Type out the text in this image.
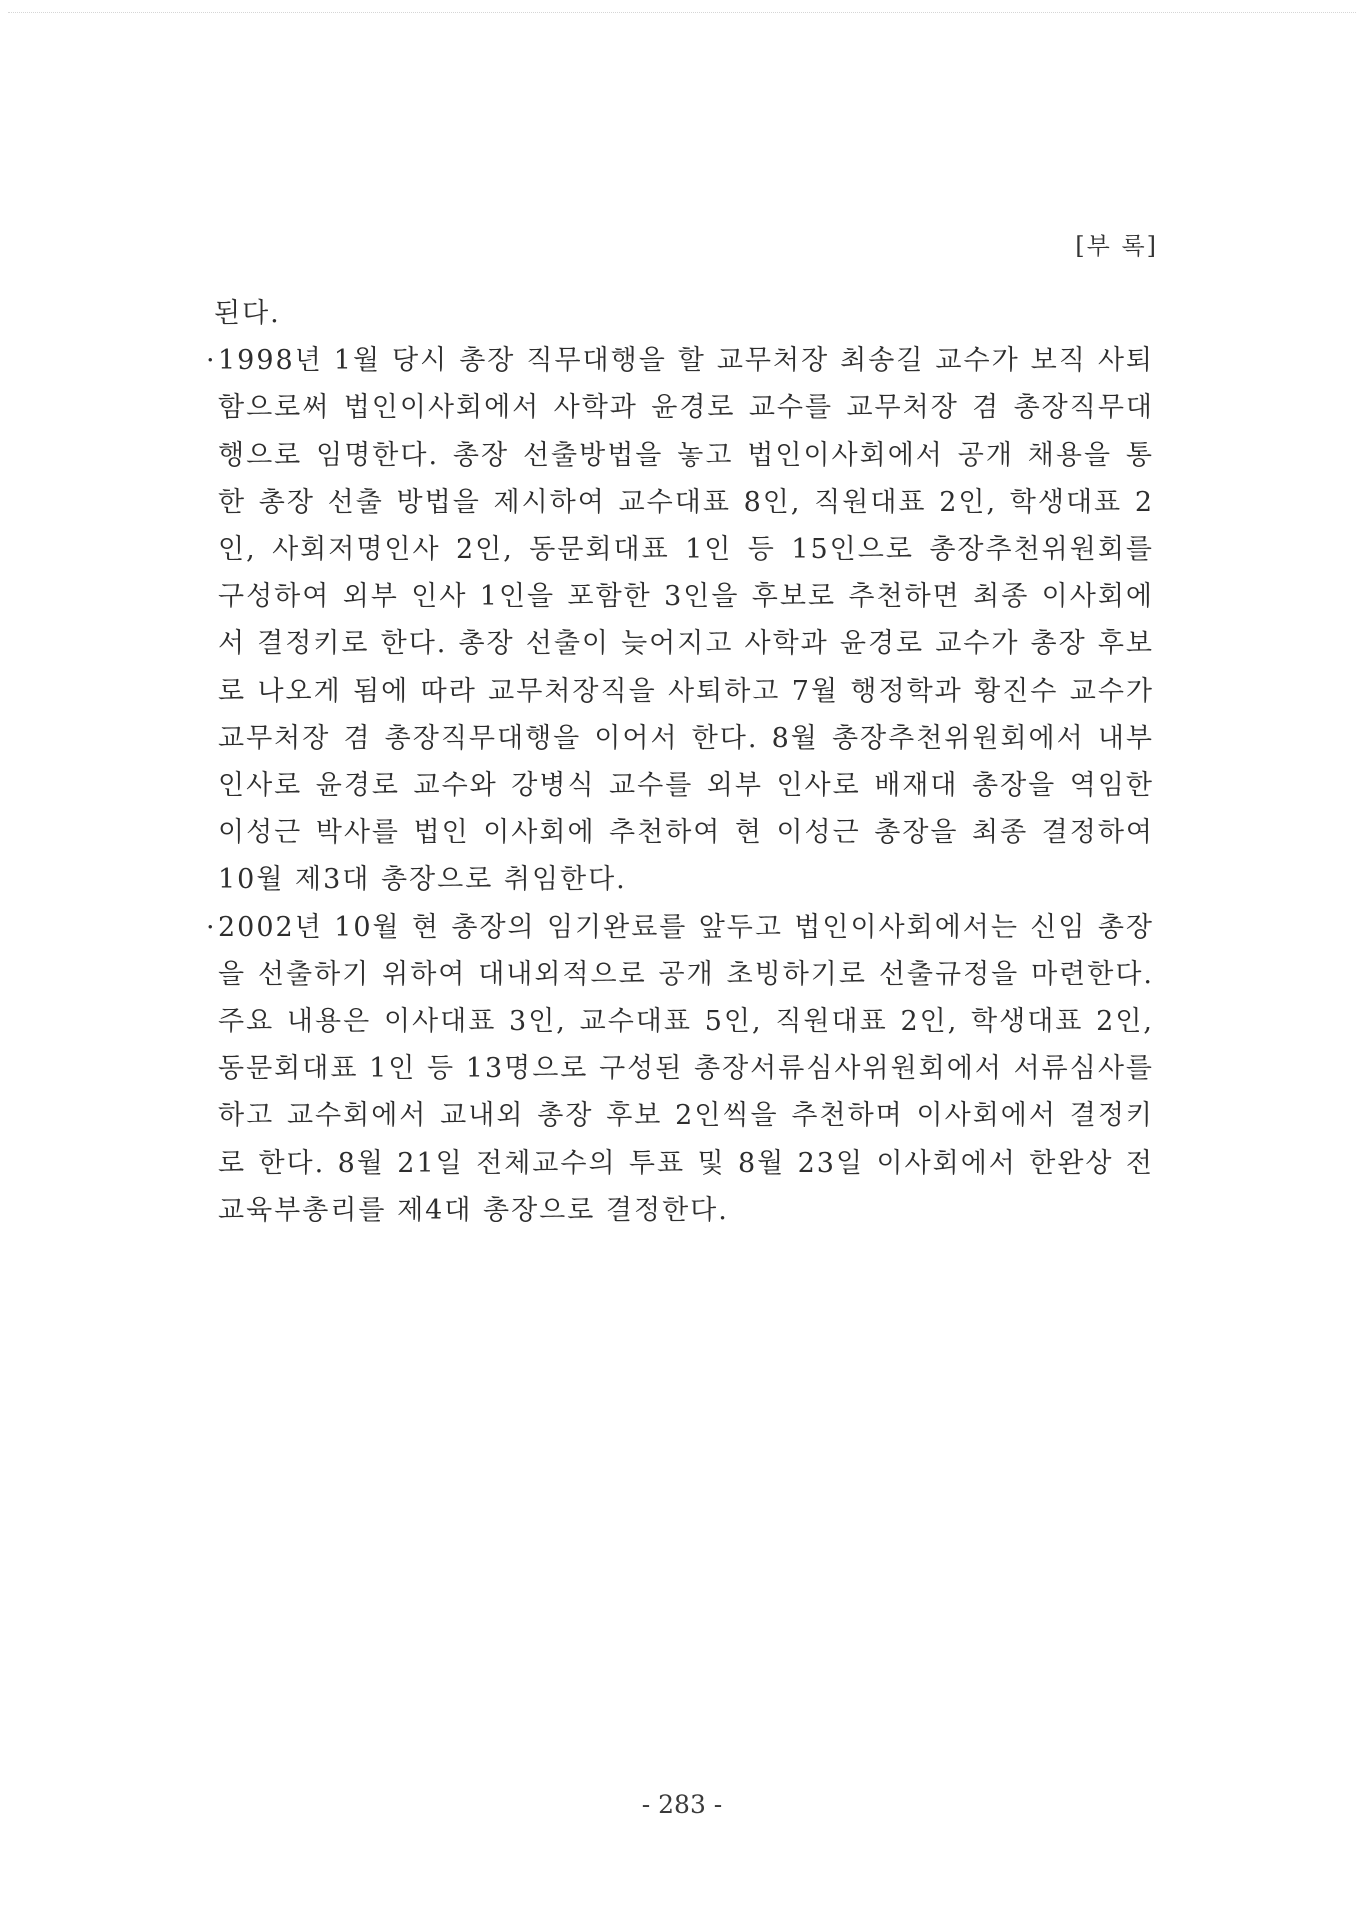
[부 록]

된다.

· 1998년 1월 당시 총장 직무대행을 할 교무처장 최송길 교수가 보직 사퇴함으로써 법인이사회에서 사학과 윤경로 교수를 교무처장 겸 총장직무대행으로 임명한다. 총장 선출방법을 놓고 법인이사회에서 공개 채용을 통한 총장 선출 방법을 제시하여 교수대표 8인, 직원대표 2인, 학생대표 2인, 사회저명인사 2인, 동문회대표 1인 등 15인으로 총장추천위원회를 구성하여 외부 인사 1인을 포함한 3인을 후보로 추천하면 최종 이사회에서 결정키로 한다. 총장 선출이 늦어지고 사학과 윤경로 교수가 총장 후보로 나오게 됨에 따라 교무처장직을 사퇴하고 7월 행정학과 황진수 교수가 교무처장 겸 총장직무대행을 이어서 한다. 8월 총장추천위원회에서 내부인사로 윤경로 교수와 강병식 교수를 외부 인사로 배재대 총장을 역임한 이성근 박사를 법인 이사회에 추천하여 현 이성근 총장을 최종 결정하여 10월 제3대 총장으로 취임한다.

· 2002년 10월 현 총장의 임기완료를 앞두고 법인이사회에서는 신임 총장을 선출하기 위하여 대내외적으로 공개 초빙하기로 선출규정을 마련한다. 주요 내용은 이사대표 3인, 교수대표 5인, 직원대표 2인, 학생대표 2인, 동문회대표 1인 등 13명으로 구성된 총장서류심사위원회에서 서류심사를 하고 교수회에서 교내외 총장 후보 2인씩을 추천하며 이사회에서 결정키로 한다. 8월 21일 전체교수의 투표 및 8월 23일 이사회에서 한완상 전 교육부총리를 제4대 총장으로 결정한다.

- 283 -
